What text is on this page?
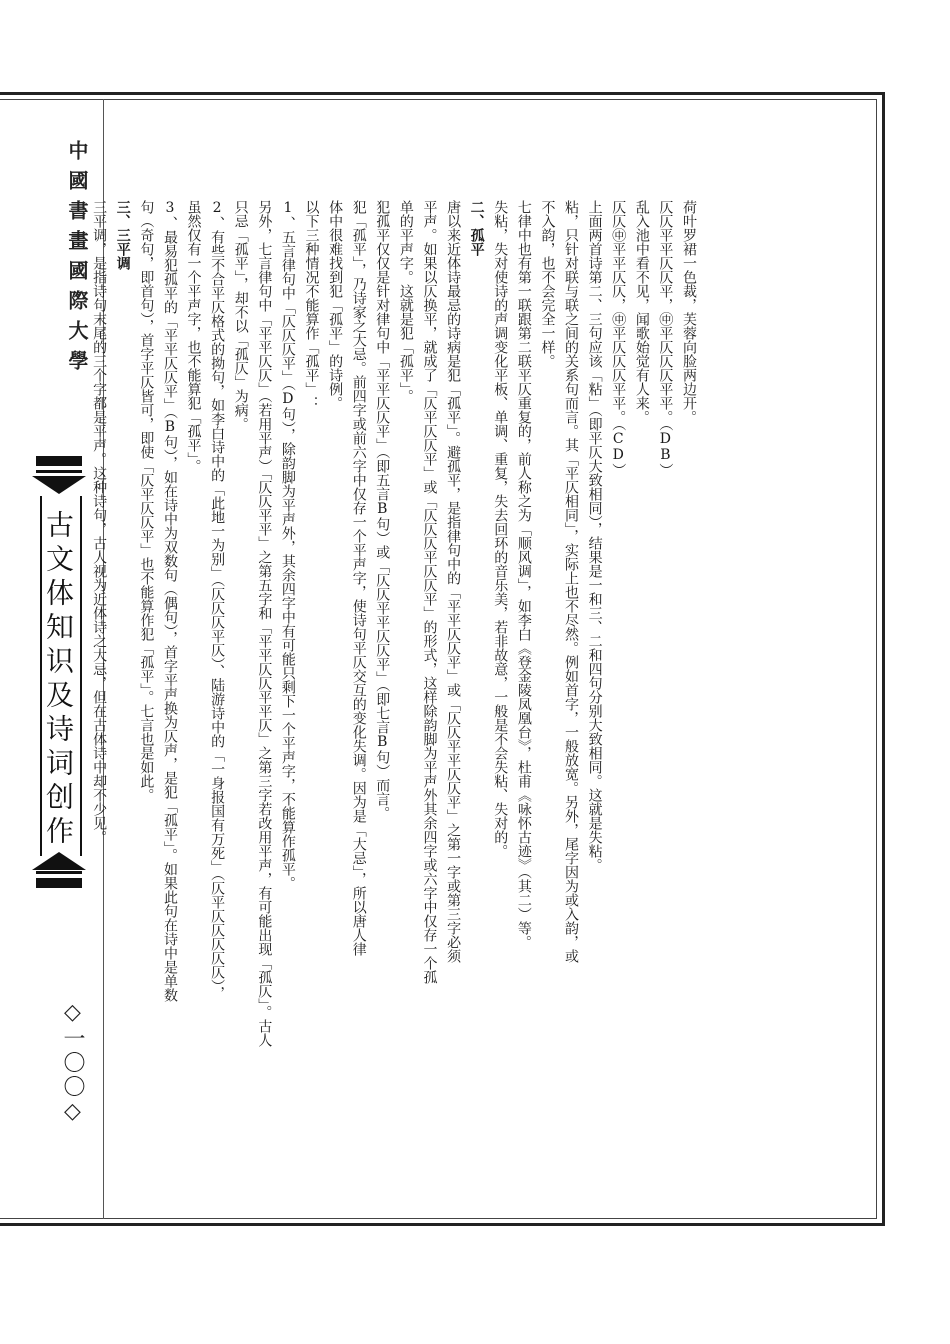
中國書畫國際大學
古文体知识及诗词创作
◇一〇〇◇

荷叶罗裙一色裁，芙蓉向脸两边开。

仄仄平平仄仄平，㊥平仄仄仄平平。（DB）

乱入池中看不见，闻歌始觉有人来。

仄仄㊥平平仄仄，㊥平仄仄仄平平。（CD）

上面两首诗第二、三句应该「粘」（即平仄大致相同），结果是一和三、二和四句分别大致相同。这就是失粘。

粘，只针对联与联之间的关系句而言。其「平仄相同」，实际上也不尽然。例如首字，一般放宽。另外，尾字因为或入韵，或

不入韵，也不会完全一样。

七律中也有第一联跟第二联平仄重复的，前人称之为「顺风调」，如李白《登金陵凤凰台》，杜甫《咏怀古迹》（其二）等。

失粘，失对使诗的声调变化平板、单调、重复，失去回环的音乐美，若非故意，一般是不会失粘、失对的。

二、孤平

唐以来近体诗最忌的诗病是犯「孤平」。避孤平，是指律句中的「平平仄仄平」或「仄仄平平仄仄平」之第一字或第三字必须

平声。如果以仄换平，就成了「仄平仄仄平」或「仄仄仄平仄仄平」的形式，这样除韵脚为平声外其余四字或六字中仅存一个孤

单的平声字。这就是犯「孤平」。

犯孤平仅仅是针对律句中「平平仄仄平」（即五言B句）或「仄仄平平仄仄平」（即七言B句）而言。

犯「孤平」，乃诗家之大忌。前四字或前六字中仅存一个平声字，使诗句平仄交互的变化失调。因为是「大忌」，所以唐人律

体中很难找到犯「孤平」的诗例。

以下三种情况不能算作「孤平」：

1、五言律句中「仄仄仄平」（D句），除韵脚为平声外，其余四字中有可能只剩下一个平声字，不能算作孤平。

另外，七言律句中「平平仄仄」（若用平声）「仄仄平平」之第五字和「平平仄仄平平仄」之第三字若改用平声，有可能出现「孤仄」。古人

只忌「孤平」，却不以「孤仄」为病。

2、有些不合平仄格式的拗句，如李白诗中的「此地一为别」（仄仄仄平仄）、陆游诗中的「一身报国有万死」（仄平仄仄仄仄仄），

虽然仅有一个平声字，也不能算犯「孤平」。

3、最易犯孤平的「平平仄仄平」（B句），如在诗中为双数句（偶句），首字平声换为仄声，是犯「孤平」。如果此句在诗中是单数

句（奇句，即首句），首字平仄皆可，即使「仄平仄仄平」也不能算作犯「孤平」。七言也是如此。

三、三平调

三平调，是指诗句末尾的三个字都是平声。这种诗句，古人视为近体诗之大忌，但在古体诗中却不少见。
